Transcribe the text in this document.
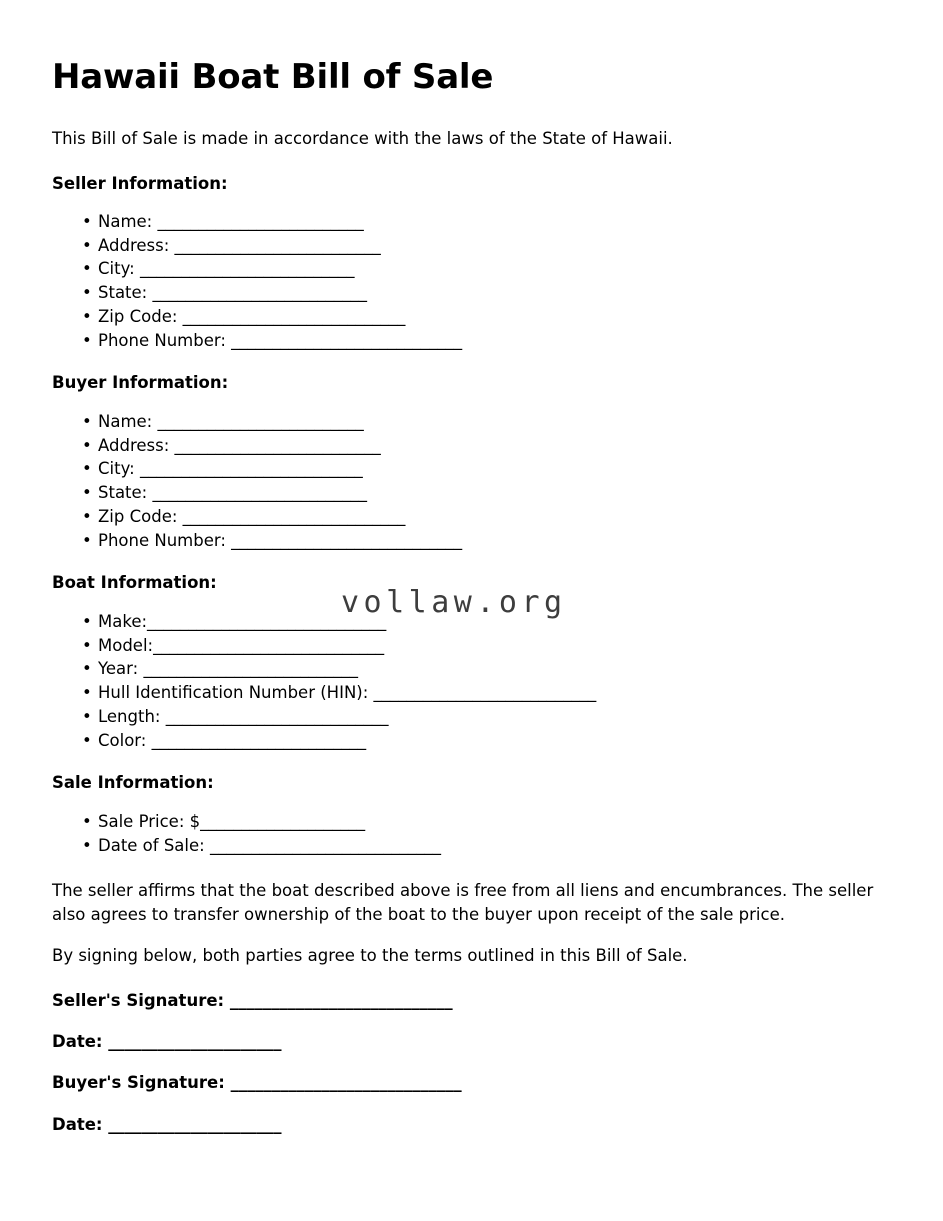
vollaw.org
Hawaii Boat Bill of Sale

This Bill of Sale is made in accordance with the laws of the State of Hawaii.

Seller Information:
• Name: _________________________
• Address: _________________________
• City: __________________________
• State: __________________________
• Zip Code: ___________________________
• Phone Number: ____________________________
Buyer Information:
• Name: _________________________
• Address: _________________________
• City: ___________________________
• State: __________________________
• Zip Code: ___________________________
• Phone Number: ____________________________
Boat Information:
• Make:_____________________________
• Model:____________________________
• Year: __________________________
• Hull Identification Number (HIN): ___________________________
• Length: ___________________________
• Color: __________________________
Sale Information:
• Sale Price: $____________________
• Date of Sale: ____________________________

The seller affirms that the boat described above is free from all liens and encumbrances. The seller also agrees to transfer ownership of the boat to the buyer upon receipt of the sale price.

By signing below, both parties agree to the terms outlined in this Bill of Sale.

Seller's Signature: ___________________________

Date: _____________________

Buyer's Signature: ____________________________

Date: _____________________
